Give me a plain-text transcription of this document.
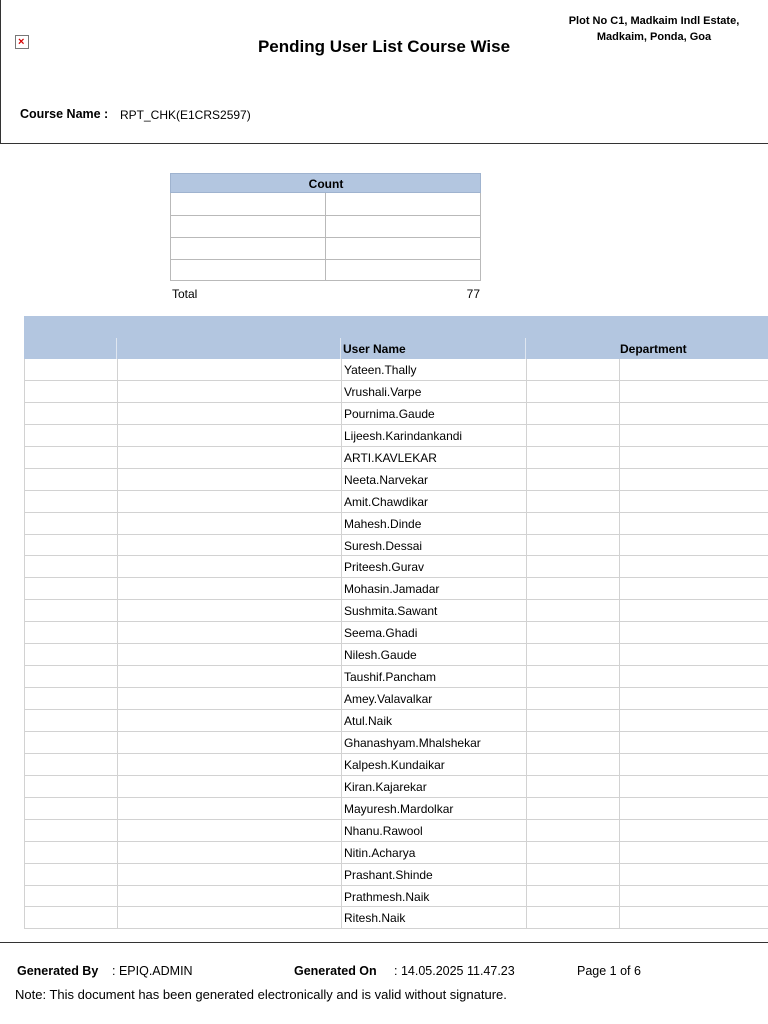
×	Pending User List Course Wise
Plot No C1, Madkaim Indl Estate,
Madkaim, Ponda, Goa
Course Name : RPT_CHK(E1CRS2597)
Count
Total	77
User Name	Department
Yateen.Thally
Vrushali.Varpe
Pournima.Gaude
Lijeesh.Karindankandi
ARTI.KAVLEKAR
Neeta.Narvekar
Amit.Chawdikar
Mahesh.Dinde
Suresh.Dessai
Priteesh.Gurav
Mohasin.Jamadar
Sushmita.Sawant
Seema.Ghadi
Nilesh.Gaude
Taushif.Pancham
Amey.Valavalkar
Atul.Naik
Ghanashyam.Mhalshekar
Kalpesh.Kundaikar
Kiran.Kajarekar
Mayuresh.Mardolkar
Nhanu.Rawool
Nitin.Acharya
Prashant.Shinde
Prathmesh.Naik
Ritesh.Naik
Generated By : EPIQ.ADMIN	Generated On : 14.05.2025 11.47.23	Page 1 of 6
Note: This document has been generated electronically and is valid without signature.
